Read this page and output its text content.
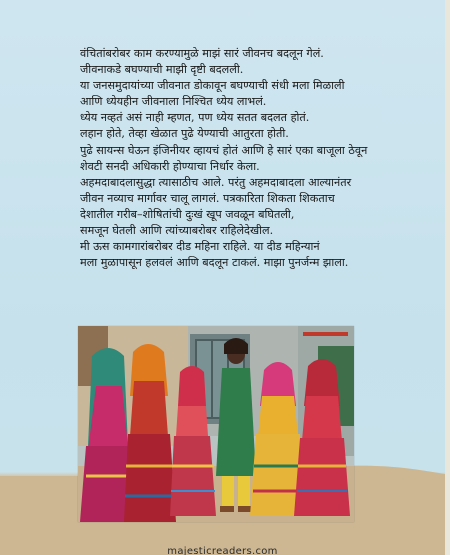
वंचितांबरोबर काम करण्यामुळे माझं सारं जीवनच बदलून गेलं.
जीवनाकडे बघण्याची माझी दृष्टी बदलली.
या जनसमुदायांच्या जीवनात डोकावून बघण्याची संधी मला मिळाली
आणि ध्येयहीन जीवनाला निश्चित ध्येय लाभलं.
ध्येय नव्हतं असं नाही म्हणत, पण ध्येय सतत बदलत होतं.
लहान होते, तेव्हा खेळात पुढे येण्याची आतुरता होती.
पुढे सायन्स घेऊन इंजिनीयर व्हायचं होतं आणि हे सारं एका बाजूला ठेवून
शेवटी सनदी अधिकारी होण्याचा निर्धार केला.
अहमदाबादलासुद्धा त्यासाठीच आले. परंतु अहमदाबादला आल्यानंतर
जीवन नव्याच मार्गावर चालू लागलं. पत्रकारिता शिकता शिकताच
देशातील गरीब–शोषितांची दुःखं खूप जवळून बघितली,
समजून घेतली आणि त्यांच्याबरोबर राहिलेदेखील.
मी ऊस कामगारांबरोबर दीड महिना राहिले. या दीड महिन्यानं
मला मुळापासून हलवलं आणि बदलून टाकलं. माझा पुनर्जन्म झाला.
majesticreaders.com
